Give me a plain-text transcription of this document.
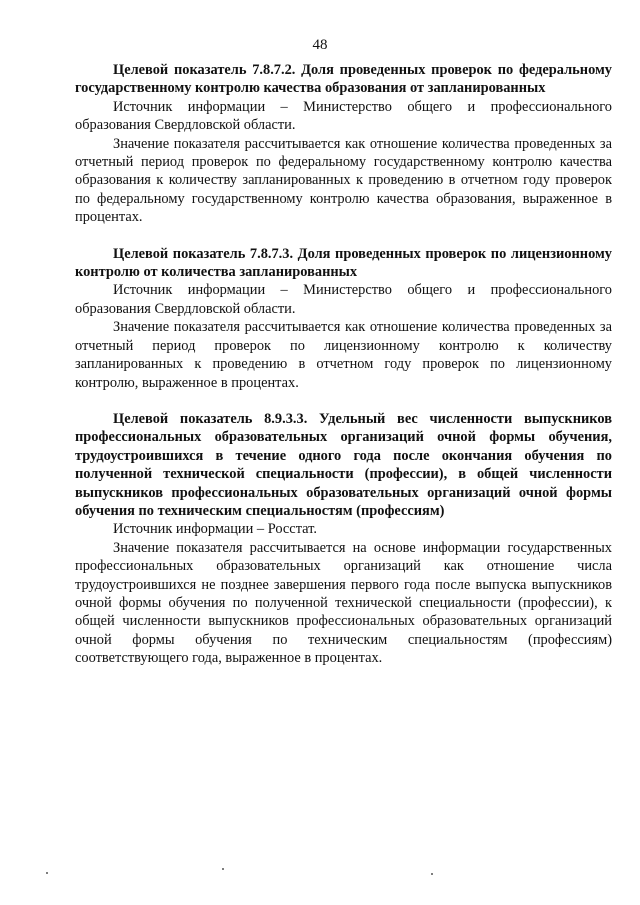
48

Целевой показатель 7.8.7.2. Доля проведенных проверок по федеральному государственному контролю качества образования от запланированных

Источник информации – Министерство общего и профессионального образования Свердловской области.

Значение показателя рассчитывается как отношение количества проведенных за отчетный период проверок по федеральному государственному контролю качества образования к количеству запланированных к проведению в отчетном году проверок по федеральному государственному контролю качества образования, выраженное в процентах.

Целевой показатель 7.8.7.3. Доля проведенных проверок по лицензионному контролю от количества запланированных

Источник информации – Министерство общего и профессионального образования Свердловской области.

Значение показателя рассчитывается как отношение количества проведенных за отчетный период проверок по лицензионному контролю к количеству запланированных к проведению в отчетном году проверок по лицензионному контролю, выраженное в процентах.

Целевой показатель 8.9.3.3. Удельный вес численности выпускников профессиональных образовательных организаций очной формы обучения, трудоустроившихся в течение одного года после окончания обучения по полученной технической специальности (профессии), в общей численности выпускников профессиональных образовательных организаций очной формы обучения по техническим специальностям (профессиям)

Источник информации – Росстат.

Значение показателя рассчитывается на основе информации государственных профессиональных образовательных организаций как отношение числа трудоустроившихся не позднее завершения первого года после выпуска выпускников очной формы обучения по полученной технической специальности (профессии), к общей численности выпускников профессиональных образовательных организаций очной формы обучения по техническим специальностям (профессиям) соответствующего года, выраженное в процентах.
